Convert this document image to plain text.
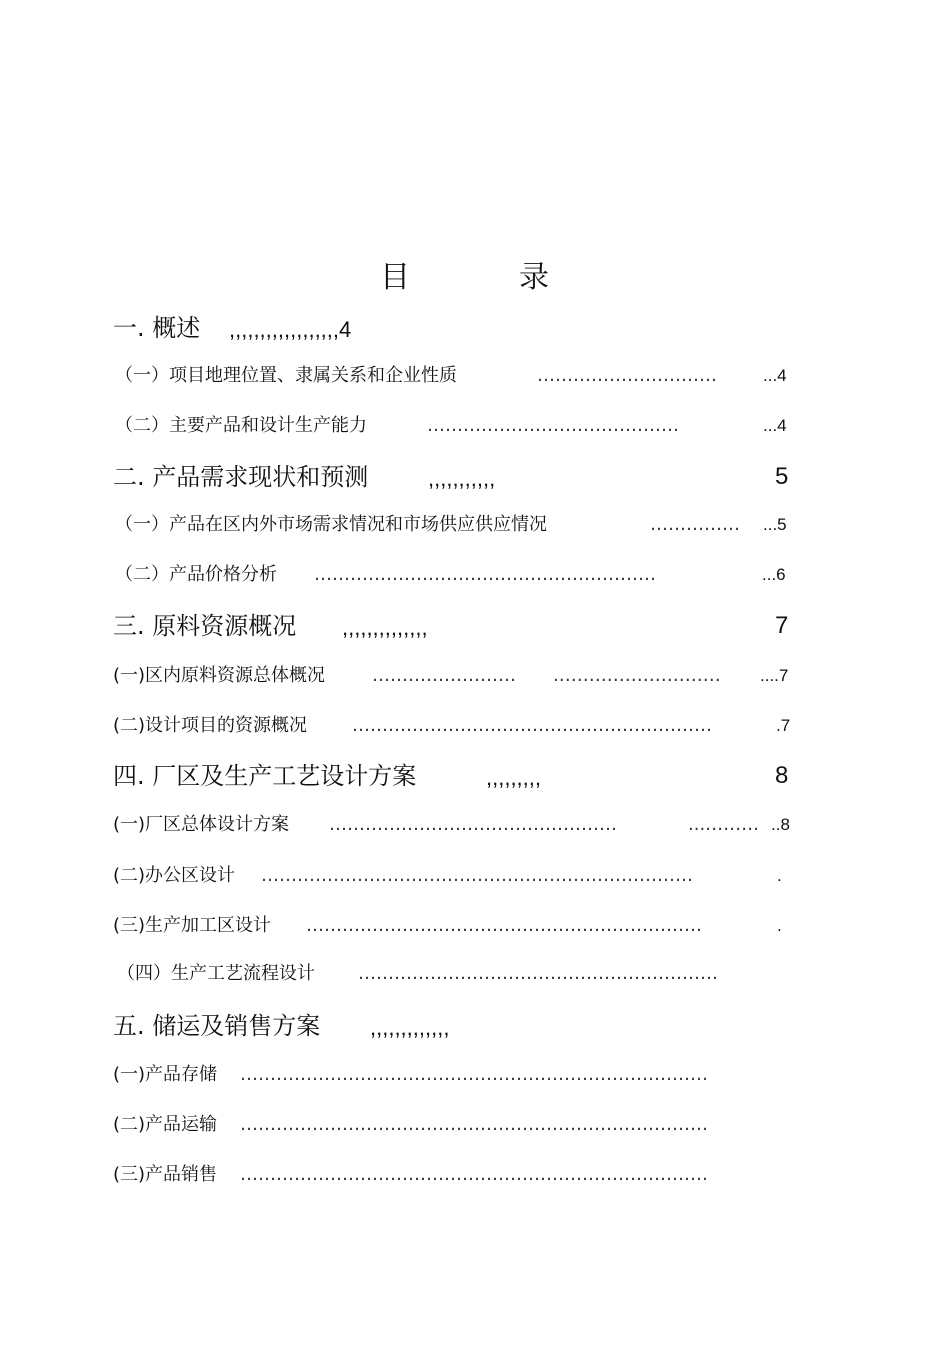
目	录
一. 概述 ,,,,,,,,,,,,,,,,,,4
（一）项目地理位置、隶属关系和企业性质	…………………………	...4
（二）主要产品和设计生产能力	……………………………………	...4
二. 产品需求现状和预测	,,,,,,,,,,,	5
（一）产品在区内外市场需求情况和市场供应供应情况	…………… ...5
（二）产品价格分析 …………………………………………………	...6
三. 原料资源概况 ,,,,,,,,,,,,,,	7
(一)区内原料资源总体概况	…………………… .……………………… ....7
(二)设计项目的资源概况 ……………………………………………………	.7
四. 厂区及生产工艺设计方案	,,,,,,,,,	8
(一)厂区总体设计方案 …………………………………………	...……… ..8
(二)办公区设计 ………………………………………………………………	.
(三)生产加工区设计 …………………………………………………………	.
（四）生产工艺流程设计 ……………………………………………………
五. 储运及销售方案 ,,,,,,,,,,,,,
(一)产品存储 ……………………………………………………………………
(二)产品运输 ……………………………………………………………………
(三)产品销售 ……………………………………………………………………
